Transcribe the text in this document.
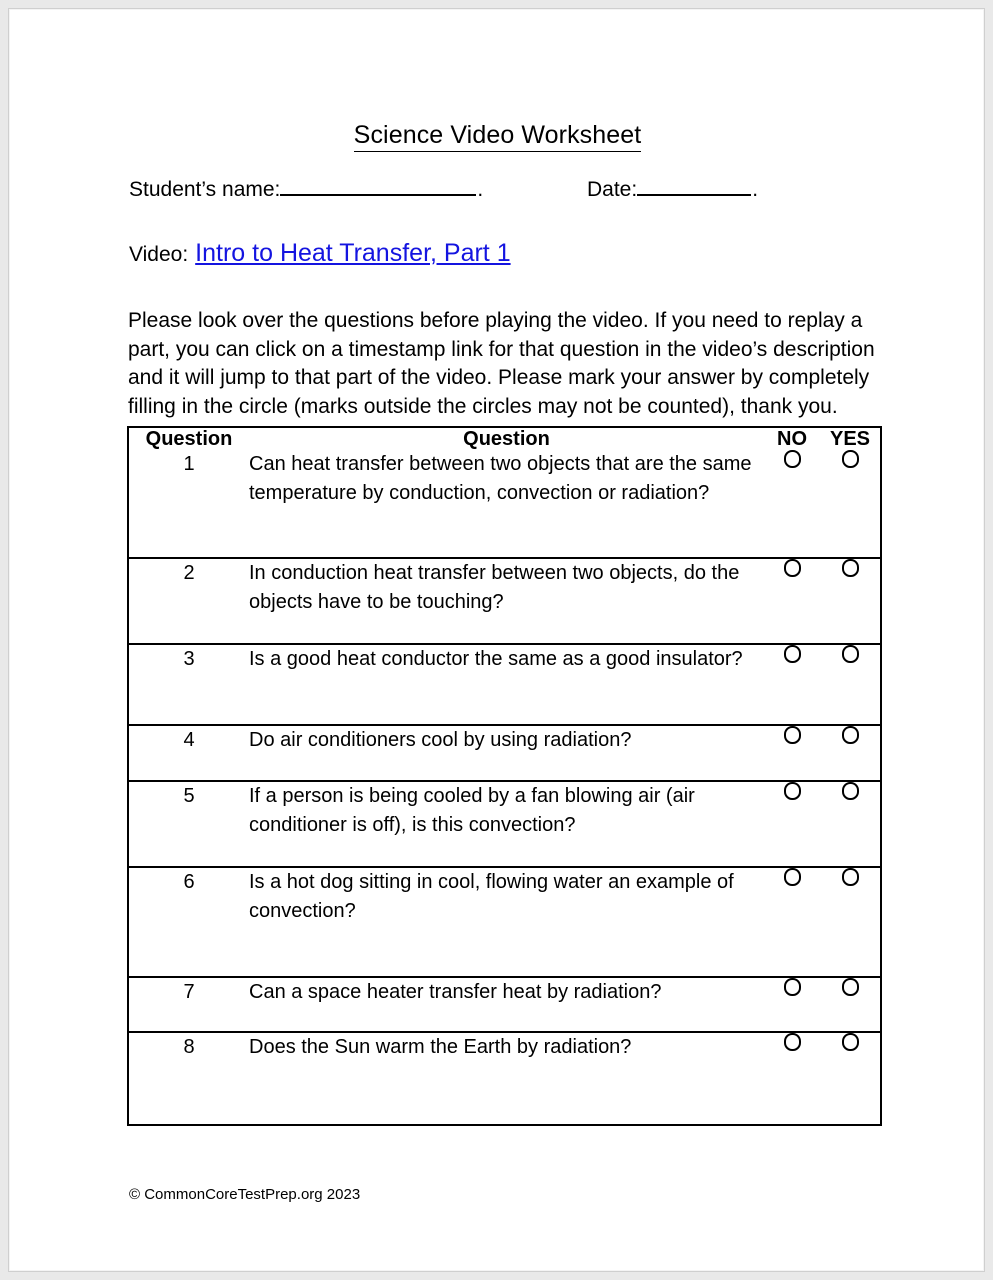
Science Video Worksheet
Student’s name:	.	Date:	.
Video: Intro to Heat Transfer, Part 1
Please look over the questions before playing the video. If you need to replay a part, you can click on a timestamp link for that question in the video’s description and it will jump to that part of the video. Please mark your answer by completely filling in the circle (marks outside the circles may not be counted), thank you.
Question	Question	NO	YES
1	Can heat transfer between two objects that are the same temperature by conduction, convection or radiation?		
2	In conduction heat transfer between two objects, do the objects have to be touching?		
3	Is a good heat conductor the same as a good insulator?		
4	Do air conditioners cool by using radiation?		
5	If a person is being cooled by a fan blowing air (air conditioner is off), is this convection?		
6	Is a hot dog sitting in cool, flowing water an example of convection?		
7	Can a space heater transfer heat by radiation?		
8	Does the Sun warm the Earth by radiation?		
© CommonCoreTestPrep.org 2023
